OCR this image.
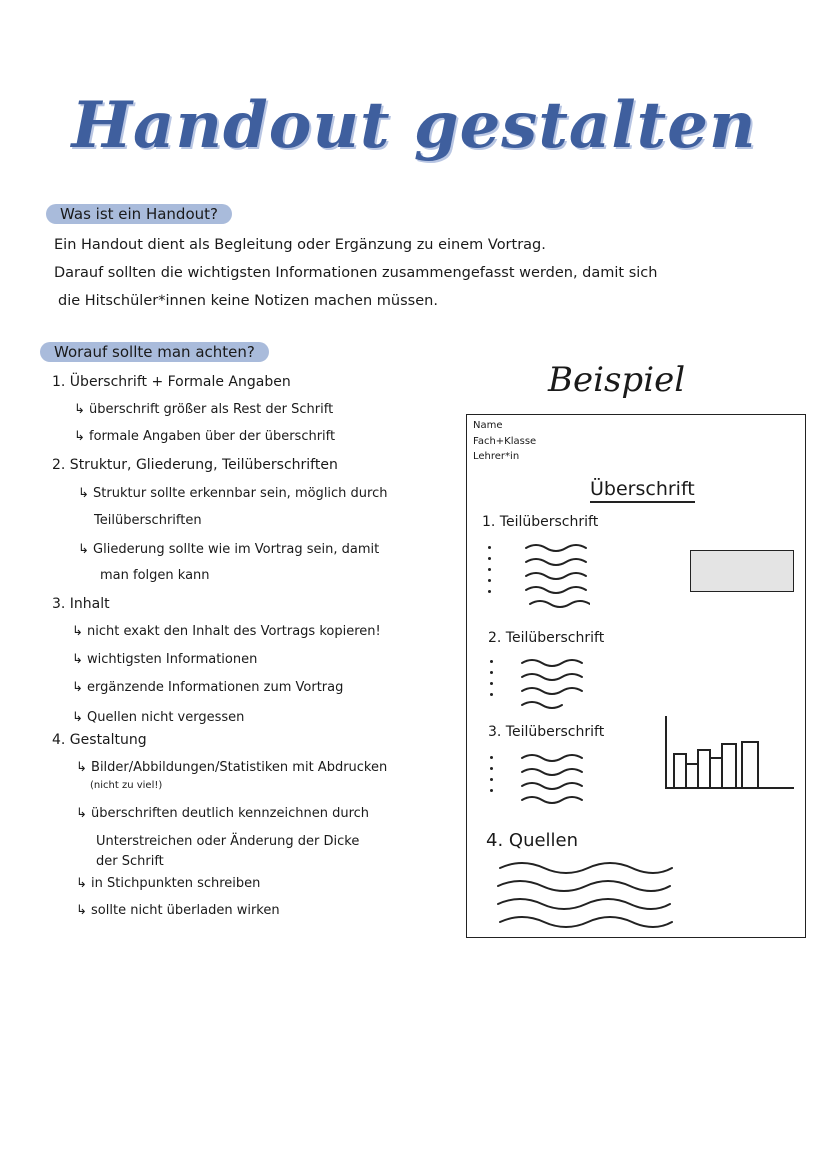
Handout gestalten
Was ist ein Handout?
Ein Handout dient als Begleitung oder Ergänzung zu einem Vortrag.
Darauf sollten die wichtigsten Informationen zusammengefasst werden, damit sich
die Hitschüler*innen keine Notizen machen müssen.
Worauf sollte man achten?
1. Überschrift + Formale Angaben
↳ überschrift größer als Rest der Schrift
↳ formale Angaben über der überschrift
2. Struktur, Gliederung, Teilüberschriften
↳ Struktur sollte erkennbar sein, möglich durch
Teilüberschriften
↳ Gliederung sollte wie im Vortrag sein, damit
man folgen kann
3. Inhalt
↳ nicht exakt den Inhalt des Vortrags kopieren!
↳ wichtigsten Informationen
↳ ergänzende Informationen zum Vortrag
↳ Quellen nicht vergessen
4. Gestaltung
↳ Bilder/Abbildungen/Statistiken mit Abdrucken
(nicht zu viel!)
↳ überschriften deutlich kennzeichnen durch
Unterstreichen oder Änderung der Dicke
der Schrift
↳ in Stichpunkten schreiben
↳ sollte nicht überladen wirken
Beispiel
Name
Fach+Klasse
Lehrer*in
Überschrift
1. Teilüberschrift
2. Teilüberschrift
3. Teilüberschrift
4. Quellen
